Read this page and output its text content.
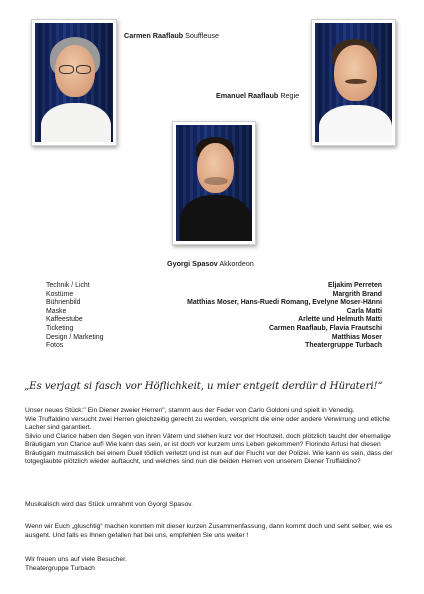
Carmen Raaflaub Souffleuse
Emanuel Raaflaub Regie
Gyorgi Spasov Akkordeon
Technik / Licht
Kostüme
Bühnenbild
Maske
Kaffeestube
Ticketing
Design / Marketing
Fotos
Eljakim Perreten
Margrith Brand
Matthias Moser, Hans-Ruedi Romang, Evelyne Moser-Hänni
Carla Matti
Arlette und Helmuth Matti
Carmen Raaflaub, Flavia Frautschi
Matthias Moser
Theatergruppe Turbach
„Es verjagt si fasch vor Höflichkeit, u mier entgeit derdür d Hürateri!“
Unser neues Stück:" Ein Diener zweier Herren", stammt aus der Feder von Carlo Goldoni und spielt in Venedig.
Wie Truffaldino versucht zwei Herren gleichzeitig gerecht zu werden, verspricht die eine oder andere Verwirrung und etliche Lacher sind garantiert.
Silvio und Clarice haben den Segen von ihren Vätern und stehen kurz vor der Hochzeit, doch plötzlich taucht der ehemalige Bräutigam von Clarice auf! Wie kann das sein, er ist doch vor kurzem ums Leben gekommen? Florindo Artusi hat diesen Bräutigam mutmasslich bei einem Duell tödlich verletzt und ist nun auf der Flucht vor der Polizei. Wie kann es sein, dass der totgeglaubte plötzlich wieder auftaucht, und welches sind nun die beiden Herren von unserem Diener Truffaldino?
Musikalisch wird das Stück umrahmt von Gyorgi Spasov.
Wenn wir Euch „gluschtig“ machen konnten mit dieser kurzen Zusammenfassung, dann kommt doch und seht selber, wie es ausgeht. Und falls es Ihnen gefallen hat bei uns, empfehlen Sie uns weiter !
Wir freuen uns auf viele Besucher.
Theatergruppe Turbach
